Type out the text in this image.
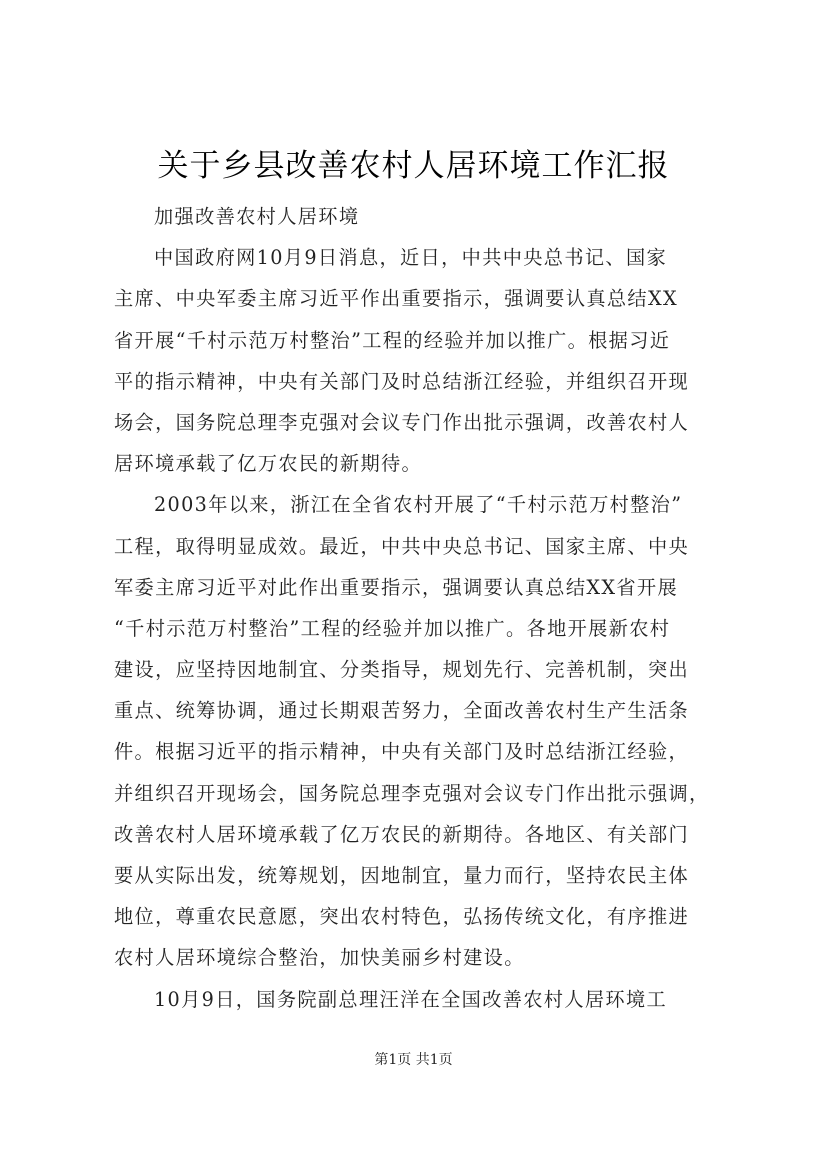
关于乡县改善农村人居环境工作汇报
加强改善农村人居环境
中国政府网10月9日消息，近日，中共中央总书记、国家
主席、中央军委主席习近平作出重要指示，强调要认真总结XX
省开展“千村示范万村整治”工程的经验并加以推广。根据习近
平的指示精神，中央有关部门及时总结浙江经验，并组织召开现
场会，国务院总理李克强对会议专门作出批示强调，改善农村人
居环境承载了亿万农民的新期待。
2003年以来，浙江在全省农村开展了“千村示范万村整治”
工程，取得明显成效。最近，中共中央总书记、国家主席、中央
军委主席习近平对此作出重要指示，强调要认真总结XX省开展
“千村示范万村整治”工程的经验并加以推广。各地开展新农村
建设，应坚持因地制宜、分类指导，规划先行、完善机制，突出
重点、统筹协调，通过长期艰苦努力，全面改善农村生产生活条
件。根据习近平的指示精神，中央有关部门及时总结浙江经验，
并组织召开现场会，国务院总理李克强对会议专门作出批示强调，
改善农村人居环境承载了亿万农民的新期待。各地区、有关部门
要从实际出发，统筹规划，因地制宜，量力而行，坚持农民主体
地位，尊重农民意愿，突出农村特色，弘扬传统文化，有序推进
农村人居环境综合整治，加快美丽乡村建设。
10月9日，国务院副总理汪洋在全国改善农村人居环境工
第1页 共1页
